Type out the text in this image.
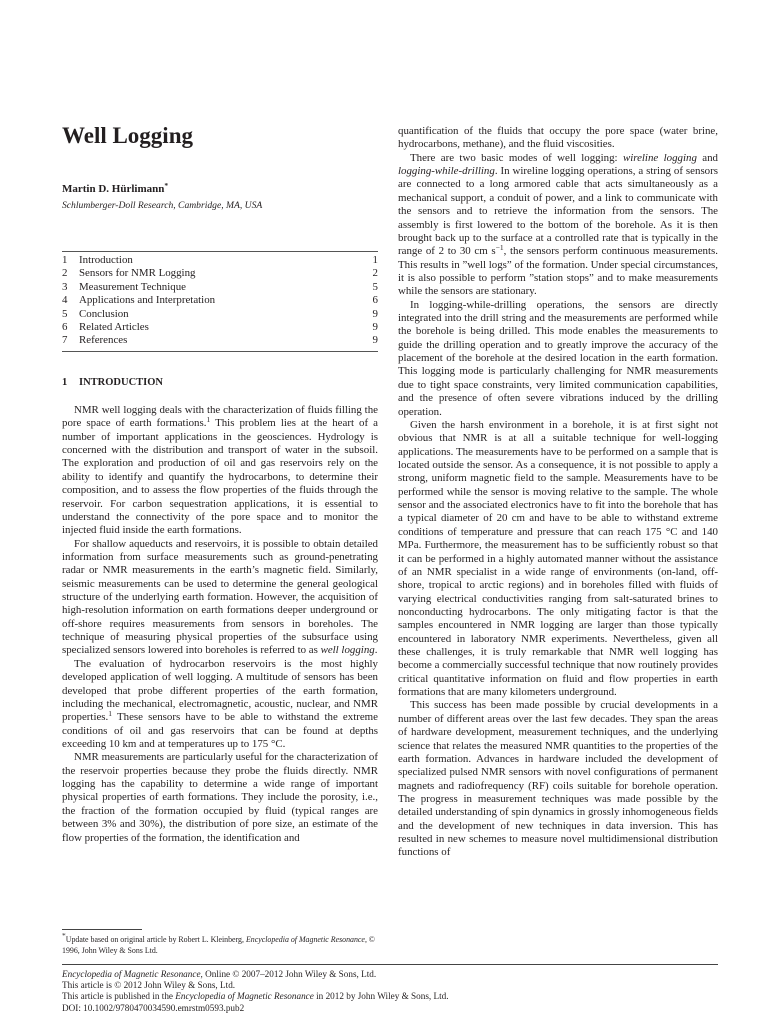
Well Logging
Martin D. Hürlimann*
Schlumberger-Doll Research, Cambridge, MA, USA
1	Introduction	1
2	Sensors for NMR Logging	2
3	Measurement Technique	5
4	Applications and Interpretation	6
5	Conclusion	9
6	Related Articles	9
7	References	9
1 INTRODUCTION

NMR well logging deals with the characterization of fluids filling the pore space of earth formations.$^1$ This problem lies at the heart of a number of important applications in the geosciences. Hydrology is concerned with the distribution and transport of water in the subsoil. The exploration and production of oil and gas reservoirs rely on the ability to identify and quantify the hydrocarbons, to determine their composition, and to assess the flow properties of the fluids through the reservoir. For carbon sequestration applications, it is essential to understand the connectivity of the pore space and to monitor the injected fluid inside the earth formations.

For shallow aqueducts and reservoirs, it is possible to obtain detailed information from surface measurements such as ground-penetrating radar or NMR measurements in the earth’s magnetic field. Similarly, seismic measurements can be used to determine the general geological structure of the underlying earth formation. However, the acquisition of high-resolution information on earth formations deeper underground or off-shore requires measurements from sensors in boreholes. The technique of measuring physical properties of the subsurface using specialized sensors lowered into boreholes is referred to as well logging.

The evaluation of hydrocarbon reservoirs is the most highly developed application of well logging. A multitude of sensors has been developed that probe different properties of the earth formation, including the mechanical, electromagnetic, acoustic, nuclear, and NMR properties.$^1$ These sensors have to be able to withstand the extreme conditions of oil and gas reservoirs that can be found at depths exceeding 10 km and at temperatures up to 175 °C.

NMR measurements are particularly useful for the characterization of the reservoir properties because they probe the fluids directly. NMR logging has the capability to determine a wide range of important physical properties of earth formations. They include the porosity, i.e., the fraction of the formation occupied by fluid (typical ranges are between 3% and 30%), the distribution of pore size, an estimate of the flow properties of the formation, the identification and

quantification of the fluids that occupy the pore space (water brine, hydrocarbons, methane), and the fluid viscosities.

There are two basic modes of well logging: wireline logging and logging-while-drilling. In wireline logging operations, a string of sensors are connected to a long armored cable that acts simultaneously as a mechanical support, a conduit of power, and a link to communicate with the sensors and to retrieve the information from the sensors. The assembly is first lowered to the bottom of the borehole. As it is then brought back up to the surface at a controlled rate that is typically in the range of 2 to 30 cm $s^{-1}$, the sensors perform continuous measurements. This results in ”well logs” of the formation. Under special circumstances, it is also possible to perform ”station stops” and to make measurements while the sensors are stationary.

In logging-while-drilling operations, the sensors are directly integrated into the drill string and the measurements are performed while the borehole is being drilled. This mode enables the measurements to guide the drilling operation and to greatly improve the accuracy of the placement of the borehole at the desired location in the earth formation. This logging mode is particularly challenging for NMR measurements due to tight space constraints, very limited communication capabilities, and the presence of often severe vibrations induced by the drilling operation.

Given the harsh environment in a borehole, it is at first sight not obvious that NMR is at all a suitable technique for well-logging applications. The measurements have to be performed on a sample that is located outside the sensor. As a consequence, it is not possible to apply a strong, uniform magnetic field to the sample. Measurements have to be performed while the sensor is moving relative to the sample. The whole sensor and the associated electronics have to fit into the borehole that has a typical diameter of 20 cm and have to be able to withstand extreme conditions of temperature and pressure that can reach 175 °C and 140 MPa. Furthermore, the measurement has to be sufficiently robust so that it can be performed in a highly automated manner without the assistance of an NMR specialist in a wide range of environments (on-land, off-shore, tropical to arctic regions) and in boreholes filled with fluids of varying electrical conductivities ranging from salt-saturated brines to nonconducting hydrocarbons. The only mitigating factor is that the samples encountered in NMR logging are larger than those typically encountered in laboratory NMR experiments. Nevertheless, given all these challenges, it is truly remarkable that NMR well logging has become a commercially successful technique that now routinely provides critical quantitative information on fluid and flow properties in earth formations that are many kilometers underground.

This success has been made possible by crucial developments in a number of different areas over the last few decades. They span the areas of hardware development, measurement techniques, and the underlying science that relates the measured NMR quantities to the properties of the earth formation. Advances in hardware included the development of specialized pulsed NMR sensors with novel configurations of permanent magnets and radiofrequency (RF) coils suitable for borehole operation. The progress in measurement techniques was made possible by the detailed understanding of spin dynamics in grossly inhomogeneous fields and the development of new techniques in data inversion. This has resulted in new schemes to measure novel multidimensional distribution functions of

*Update based on original article by Robert L. Kleinberg, Encyclopedia of Magnetic Resonance, © 1996, John Wiley & Sons Ltd.
Encyclopedia of Magnetic Resonance, Online © 2007–2012 John Wiley & Sons, Ltd.
This article is © 2012 John Wiley & Sons, Ltd.
This article is published in the Encyclopedia of Magnetic Resonance in 2012 by John Wiley & Sons, Ltd.
DOI: 10.1002/9780470034590.emrstm0593.pub2
